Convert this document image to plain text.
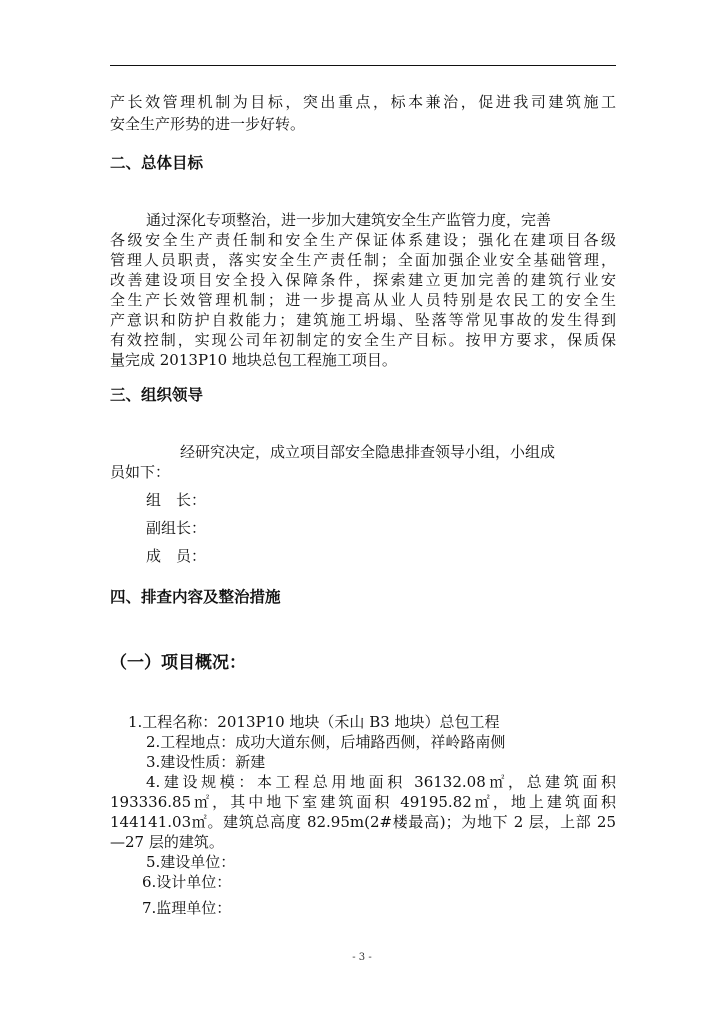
产长效管理机制为目标，突出重点，标本兼治，促进我司建筑施工
安全生产形势的进一步好转。
二、总体目标
通过深化专项整治，进一步加大建筑安全生产监管力度，完善
各级安全生产责任制和安全生产保证体系建设；强化在建项目各级
管理人员职责，落实安全生产责任制；全面加强企业安全基础管理，
改善建设项目安全投入保障条件，探索建立更加完善的建筑行业安
全生产长效管理机制；进一步提高从业人员特别是农民工的安全生
产意识和防护自救能力；建筑施工坍塌、坠落等常见事故的发生得到
有效控制，实现公司年初制定的安全生产目标。按甲方要求，保质保
量完成 2013P10 地块总包工程施工项目。
三、组织领导
经研究决定，成立项目部安全隐患排查领导小组，小组成
员如下：
组　长：
副组长：
成　员：
四、排查内容及整治措施
（一）项目概况：
1.工程名称：2013P10 地块（禾山 B3 地块）总包工程
2.工程地点：成功大道东侧，后埔路西侧，祥岭路南侧
3.建设性质：新建
4.建设规模：本工程总用地面积 36132.08㎡，总建筑面积
193336.85㎡，其中地下室建筑面积 49195.82㎡，地上建筑面积
144141.03㎡。建筑总高度 82.95m(2#楼最高)；为地下 2 层，上部 25
—27 层的建筑。
5.建设单位：
6.设计单位：
7.监理单位：
- 3 -
